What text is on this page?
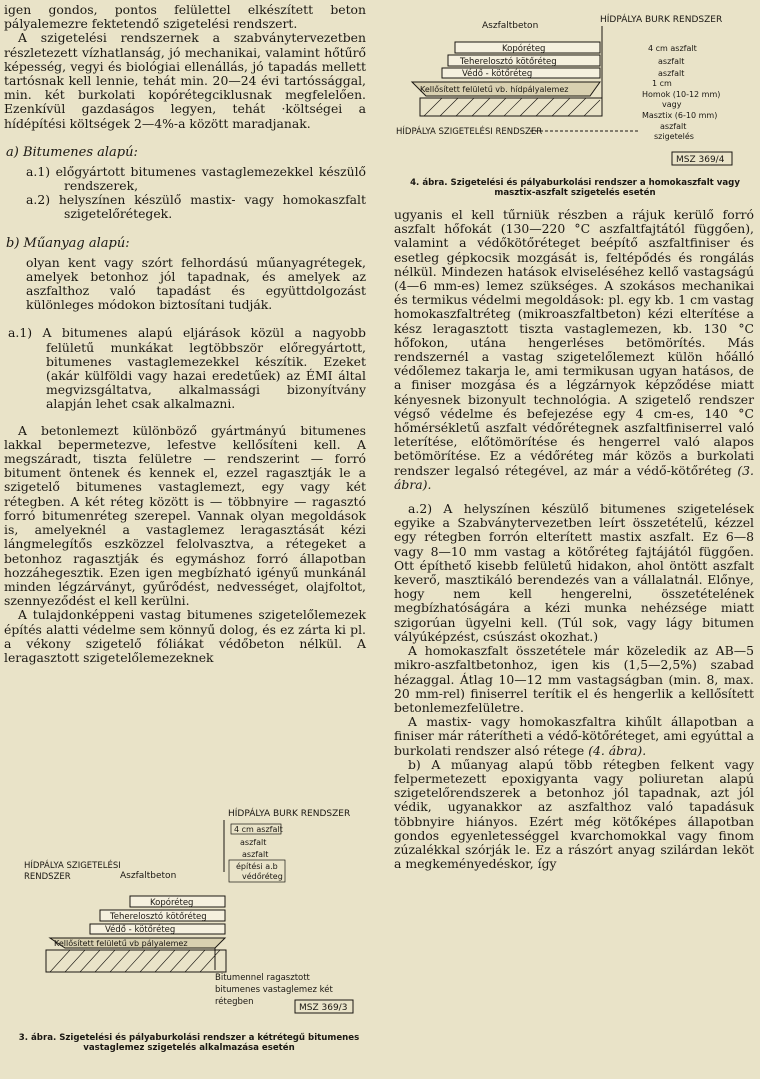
igen gondos, pontos felülettel elkészített beton pályalemezre fektetendő szigetelési rendszert.

A szigetelési rendszernek a szabványtervezetben részletezett vízhatlanság, jó mechanikai, valamint hőtűrő képesség, vegyi és biológiai ellenállás, jó tapadás mellett tartósnak kell lennie, tehát min. 20—24 évi tartóssággal, min. két burkolati kopórétegciklusnak megfelelően. Ezenkívül gazdaságos legyen, tehát ·költségei a hídépítési költségek 2—4%-a között maradjanak.

a) Bitumenes alapú:
a.1) előgyártott bitumenes vastaglemezekkel készülő rendszerek,
a.2) helyszínen készülő mastix- vagy homokaszfalt szigetelőrétegek.
b) Műanyag alapú:

olyan kent vagy szórt felhordású műanyagrétegek, amelyek betonhoz jól tapadnak, és amelyek az aszfalthoz való tapadást és együttdolgozást különleges módokon biztosítani tudják.

a.1) A bitumenes alapú eljárások közül a nagyobb felületű munkákat legtöbbször előregyártott, bitumenes vastaglemezekkel készítik. Ezeket (akár külföldi vagy hazai eredetűek) az ÉMI által megvizsgáltatva, alkalmassági bizonyítvány alapján lehet csak alkalmazni.

A betonlemezt különböző gyártmányú bitumenes lakkal bepermetezve, lefestve kellősíteni kell. A megszáradt, tiszta felületre — rendszerint — forró bitument öntenek és kennek el, ezzel ragasztják le a szigetelő bitumenes vastaglemezt, egy vagy két rétegben. A két réteg között is — többnyire — ragasztó forró bitumenréteg szerepel. Vannak olyan megoldások is, amelyeknél a vastaglemez leragasztását kézi lángmelegítős eszközzel felolvasztva, a rétegeket a betonhoz ragasztják és egymáshoz forró állapotban hozzáhegesztik. Ezen igen megbízható igényű munkánál minden légzárványt, gyűrődést, nedvességet, olajfoltot, szennyeződést el kell kerülni.

A tulajdonképpeni vastag bitumenes szigetelőlemezek építés alatti védelme sem könnyű dolog, és ez zárta ki pl. a vékony szigetelő fóliákat védőbeton nélkül. A leragasztott szigetelőlemezeknek

HÍDPÁLYA BURK RENDSZER
4 cm aszfalt
aszfalt
aszfalt
építési a.b
védőréteg
HÍDPÁLYA SZIGETELÉSI
RENDSZER	Aszfaltbeton
Kopóréteg
Teherelosztó kötőréteg
Védő - kötőréteg
Kellősített felületű vb pályalemez
Bitumennel ragasztott
bitumenes vastaglemez két
rétegben
MSZ 369/3
3. ábra. Szigetelési és pályaburkolási rendszer a kétrétegű bitumenes vastaglemez szigetelés alkalmazása esetén
Aszfaltbeton
HÍDPÁLYA BURK RENDSZER
Kopóréteg
Teherelosztó kötőréteg
Védő - kötőréteg
Kellősített felületű vb. hídpályalemez
4 cm aszfalt
aszfalt
aszfalt
1 cm
Homok (10-12 mm)
vagy
Masztix (6-10 mm)
aszfalt
szigetelés
HÍDPÁLYA SZIGETELÉSI RENDSZER
MSZ 369/4
4. ábra. Szigetelési és pályaburkolási rendszer a homokaszfalt vagy masztix-aszfalt szigetelés esetén

ugyanis el kell tűrniük részben a rájuk kerülő forró aszfalt hőfokát (130—220 °C aszfaltfajtától függően), valamint a védőkötőréteget beépítő aszfaltfiniser és esetleg gépkocsik mozgását is, feltépődés és rongálás nélkül. Mindezen hatások elviseléséhez kellő vastagságú (4—6 mm-es) lemez szükséges. A szokásos mechanikai és termikus védelmi megoldások: pl. egy kb. 1 cm vastag homokaszfaltréteg (mikroaszfaltbeton) kézi elterítése a kész leragasztott tiszta vastaglemezen, kb. 130 °C hőfokon, utána hengerléses betömörítés. Más rendszernél a vastag szigetelőlemezt külön hőálló védőlemez takarja le, ami termikusan ugyan hatásos, de a finiser mozgása és a légzárnyok képződése miatt kényesnek bizonyult technológia. A szigetelő rendszer végső védelme és befejezése egy 4 cm-es, 140 °C hőmérsékletű aszfalt védőrétegnek aszfaltfiniserrel való leterítése, előtömörítése és hengerrel való alapos betömörítése. Ez a védőréteg már közös a burkolati rendszer legalsó rétegével, az már a védő-kötőréteg (3. ábra).

a.2) A helyszínen készülő bitumenes szigetelések egyike a Szabványtervezetben leírt összetételű, kézzel egy rétegben forrón elterített mastix aszfalt. Ez 6—8 vagy 8—10 mm vastag a kötőréteg fajtájától függően. Ott építhető kisebb felületű hidakon, ahol öntött aszfalt keverő, masztikáló berendezés van a vállalatnál. Előnye, hogy nem kell hengerelni, összetételének megbízhatóságára a kézi munka nehézsége miatt szigorúan ügyelni kell. (Túl sok, vagy lágy bitumen vályúképzést, csúszást okozhat.)

A homokaszfalt összetétele már közeledik az AB—5 mikro-aszfaltbetonhoz, igen kis (1,5—2,5%) szabad hézaggal. Átlag 10—12 mm vastagságban (min. 8, max. 20 mm-rel) finiserrel terítik el és hengerlik a kellősített betonlemezfelületre.

A mastix- vagy homokaszfaltra kihűlt állapotban a finiser már ráterítheti a védő-kötőréteget, ami egyúttal a burkolati rendszer alsó rétege (4. ábra).

b) A műanyag alapú több rétegben felkent vagy felpermetezett epoxigyanta vagy poliuretan alapú szigetelőrendszerek a betonhoz jól tapadnak, azt jól védik, ugyanakkor az aszfalthoz való tapadásuk többnyire hiányos. Ezért még kötőképes állapotban gondos egyenletességgel kvarchomokkal vagy finom zúzalékkal szórják le. Ez a rászórt anyag szilárdan leköt a megkeményedéskor, így
